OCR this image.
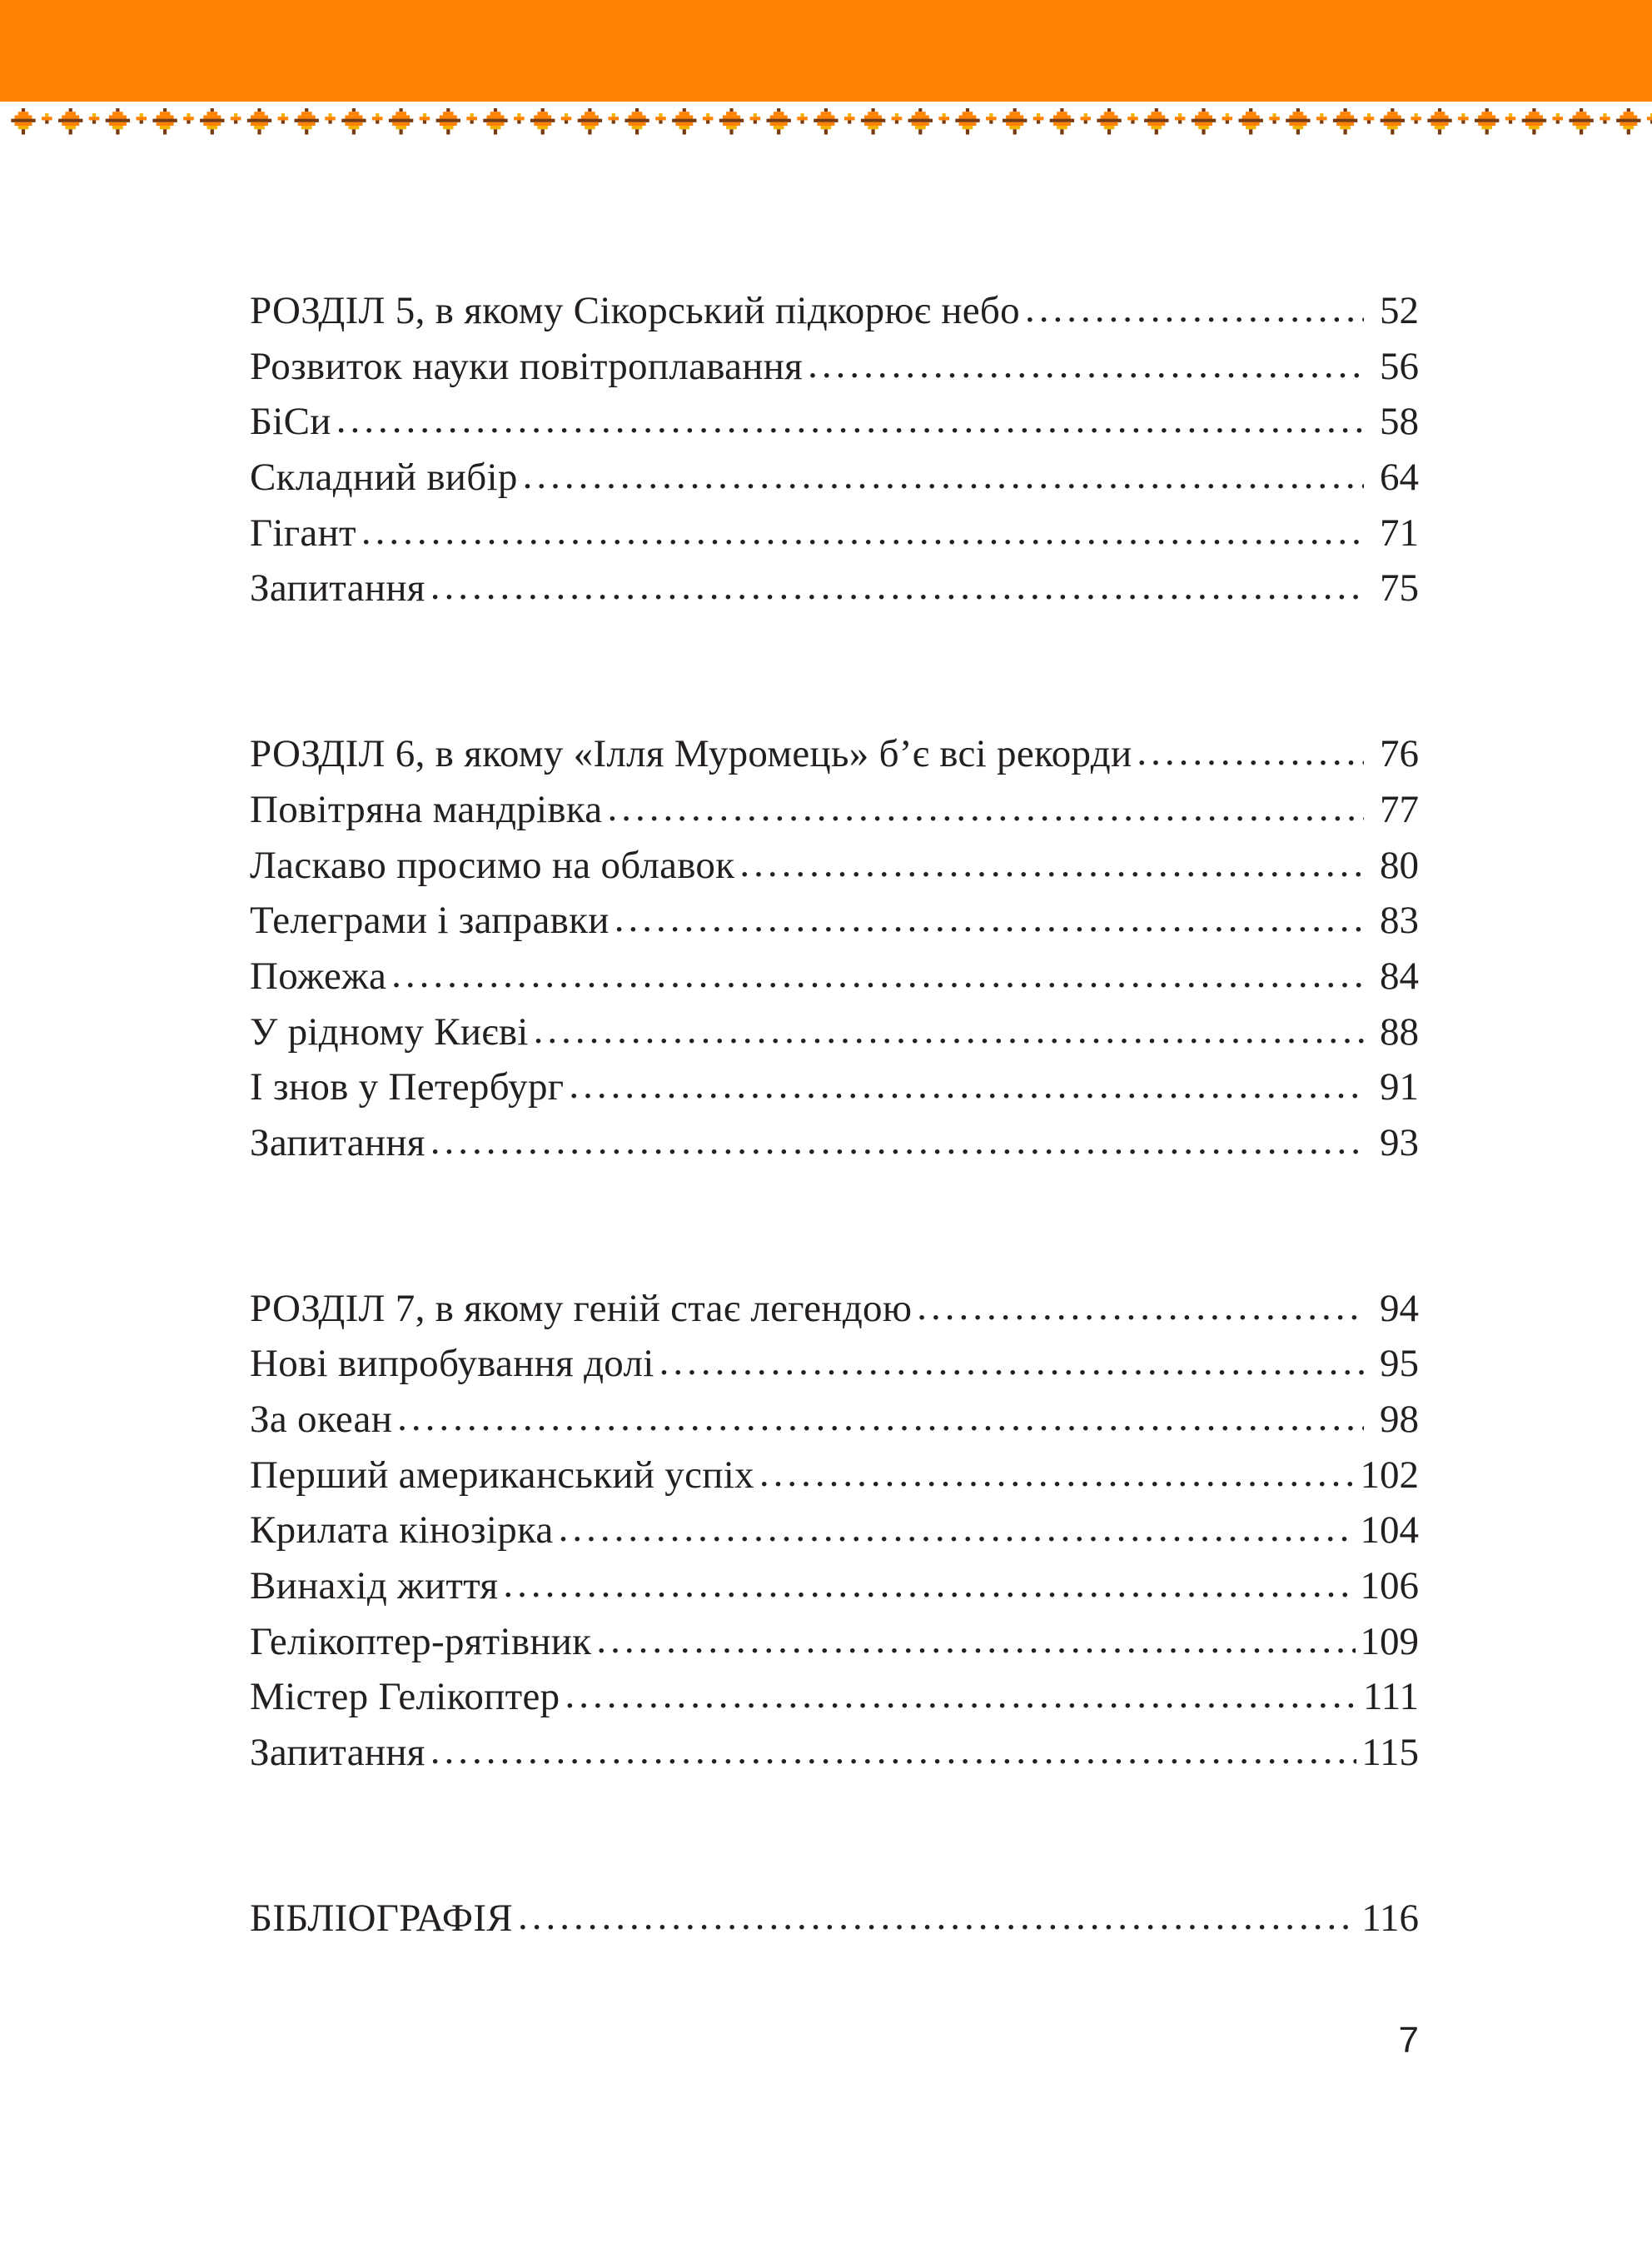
РОЗДІЛ 5, в якому Сікорський підкорює небо .....	52
Розвиток науки повітроплавання .....	56
БіСи .....	58
Складний вибір .....	64
Гігант .....	71
Запитання .....	75
РОЗДІЛ 6, в якому «Ілля Муромець» б’є всі рекорди .....	76
Повітряна мандрівка .....	77
Ласкаво просимо на облавок .....	80
Телеграми і заправки .....	83
Пожежа .....	84
У рідному Києві .....	88
І знов у Петербург .....	91
Запитання .....	93
РОЗДІЛ 7, в якому геній стає легендою .....	94
Нові випробування долі .....	95
За океан .....	98
Перший американський успіх .....	102
Крилата кінозірка .....	104
Винахід життя .....	106
Гелікоптер-рятівник .....	109
Містер Гелікоптер .....	111
Запитання .....	115
БІБЛІОГРАФІЯ .....	116
7
